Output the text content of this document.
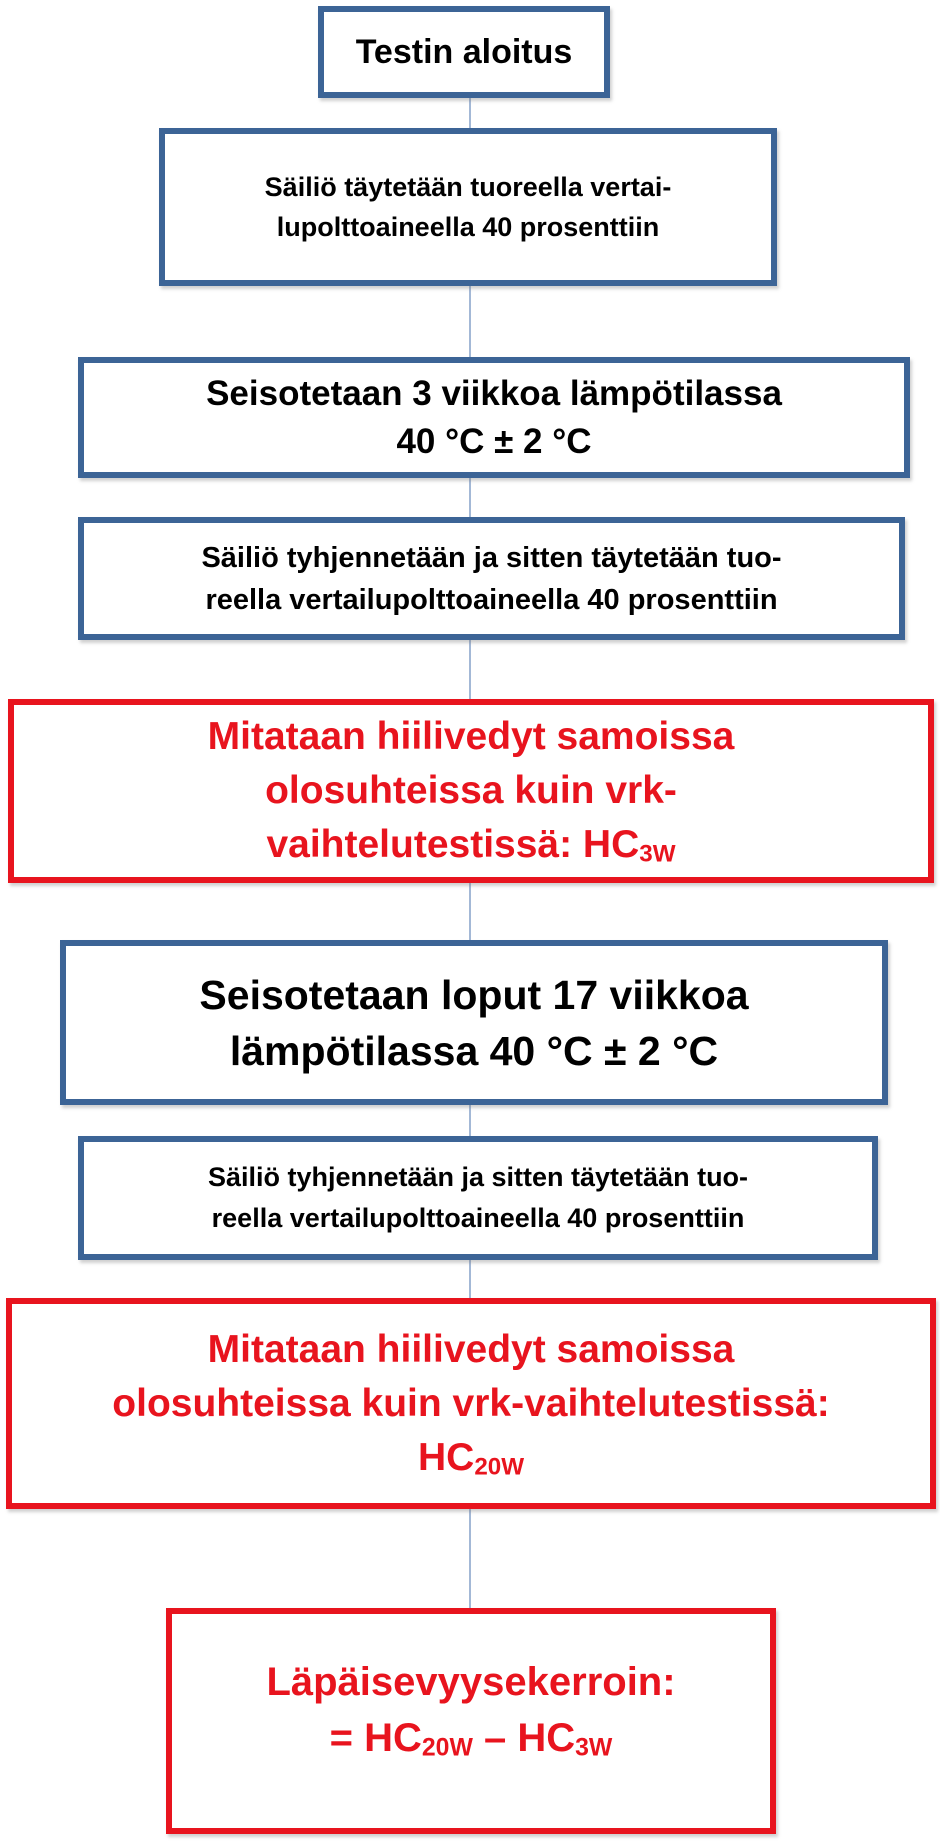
Testin aloitus
Säiliö täytetään tuoreella vertai-
lupolttoaineella 40 prosenttiin
Seisotetaan 3 viikkoa lämpötilassa
40 °C ± 2 °C
Säiliö tyhjennetään ja sitten täytetään tuo-
reella vertailupolttoaineella 40 prosenttiin
Mitataan hiilivedyt samoissa
olosuhteissa kuin vrk-
vaihtelutestissä: $HC_{3W}$
Seisotetaan loput 17 viikkoa
lämpötilassa 40 °C ± 2 °C
Säiliö tyhjennetään ja sitten täytetään tuo-
reella vertailupolttoaineella 40 prosenttiin
Mitataan hiilivedyt samoissa
olosuhteissa kuin vrk-vaihtelutestissä:
$HC_{20W}$
Läpäisevyysekerroin:
= $HC_{20W} - HC_{3W}$
